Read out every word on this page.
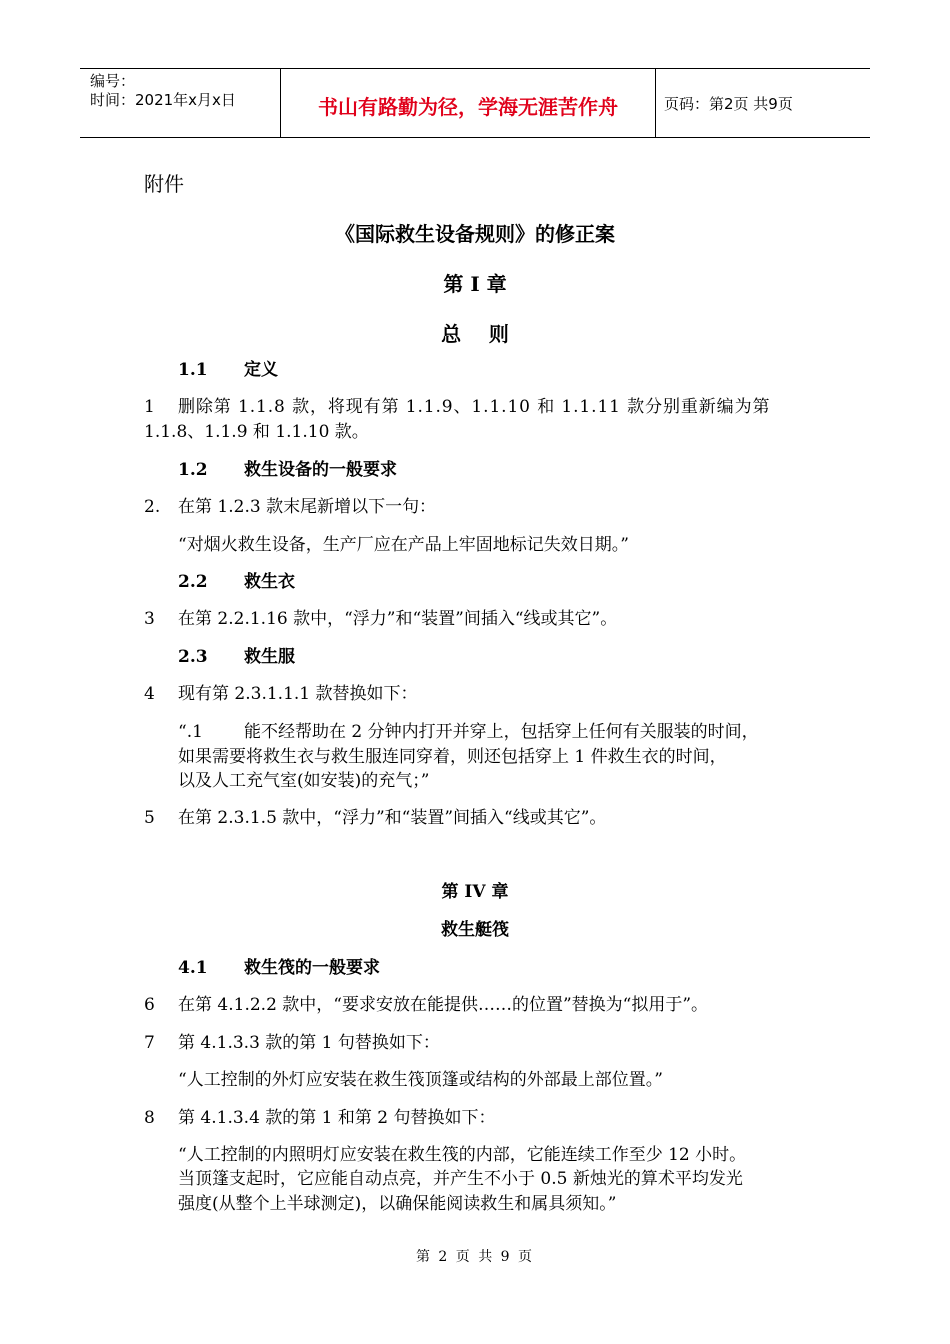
编号：
时间：2021年x月x日	书山有路勤为径，学海无涯苦作舟	页码：第2页 共9页
附件
《国际救生设备规则》的修正案
第 I 章
总    则
1.1 定义
1 删除第 1.1.8 款，将现有第 1.1.9、1.1.10 和 1.1.11 款分别重新编为第
1.1.8、1.1.9 和 1.1.10 款。
1.2 救生设备的一般要求
2. 在第 1.2.3 款末尾新增以下一句：
“对烟火救生设备，生产厂应在产品上牢固地标记失效日期。”
2.2 救生衣
3 在第 2.2.1.16 款中，“浮力”和“装置”间插入“线或其它”。
2.3 救生服
4 现有第 2.3.1.1.1 款替换如下：
“.1 能不经帮助在 2 分钟内打开并穿上，包括穿上任何有关服装的时间，
如果需要将救生衣与救生服连同穿着，则还包括穿上 1 件救生衣的时间，
以及人工充气室(如安装)的充气；”
5 在第 2.3.1.5 款中，“浮力”和“装置”间插入“线或其它”。
第 IV 章
救生艇筏
4.1 救生筏的一般要求
6 在第 4.1.2.2 款中，“要求安放在能提供……的位置”替换为“拟用于”。
7 第 4.1.3.3 款的第 1 句替换如下：
“人工控制的外灯应安装在救生筏顶篷或结构的外部最上部位置。”
8 第 4.1.3.4 款的第 1 和第 2 句替换如下：
“人工控制的内照明灯应安装在救生筏的内部，它能连续工作至少 12 小时。
当顶篷支起时，它应能自动点亮，并产生不小于 0.5 新烛光的算术平均发光
强度(从整个上半球测定)，以确保能阅读救生和属具须知。”
第 2 页 共 9 页
